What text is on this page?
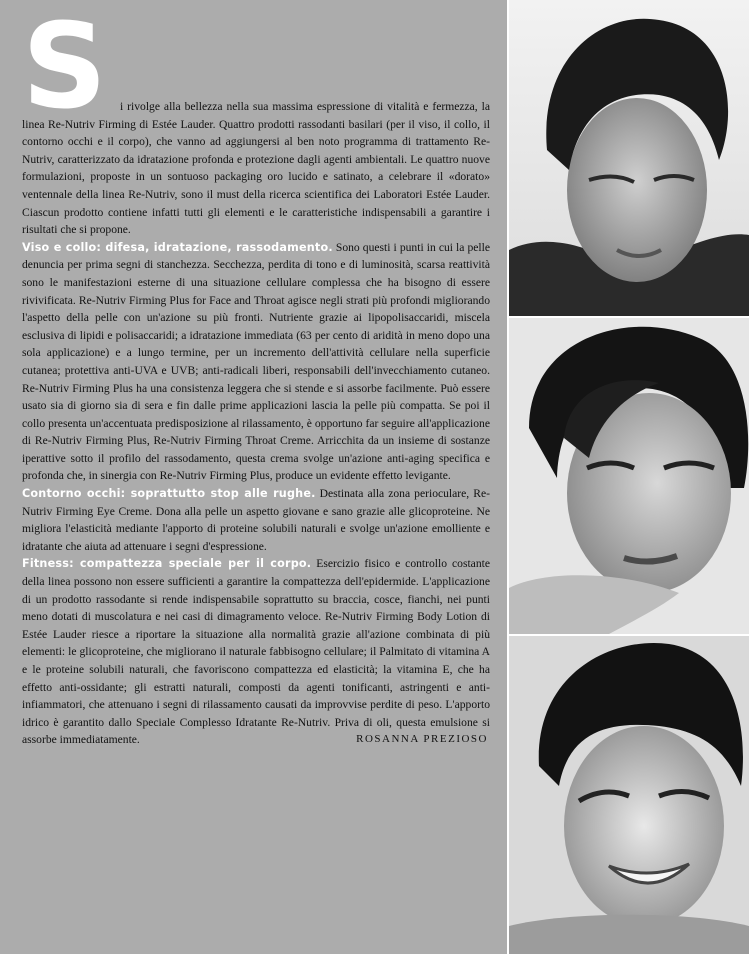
S	i rivolge alla bellezza nella sua massima espressione di vitalità e fermezza, la linea Re-Nutriv Firming di Estée Lauder. Quattro prodotti rassodanti basilari (per il viso, il collo, il contorno occhi e il corpo), che vanno ad aggiungersi al ben noto programma di trattamento Re-Nutriv, caratterizzato da idratazione profonda e protezione dagli agenti ambientali. Le quattro nuove formulazioni, proposte in un sontuoso packaging oro lucido e satinato, a celebrare il «dorato» ventennale della linea Re-Nutriv, sono il must della ricerca scientifica dei Laboratori Estée Lauder. Ciascun prodotto contiene infatti tutti gli elementi e le caratteristiche indispensabili a garantire i risultati che si propone.
Viso e collo: difesa, idratazione, rassodamento. Sono questi i punti in cui la pelle denuncia per prima segni di stanchezza. Secchezza, perdita di tono e di luminosità, scarsa reattività sono le manifestazioni esterne di una situazione cellulare complessa che ha bisogno di essere rivivificata. Re-Nutriv Firming Plus for Face and Throat agisce negli strati più profondi migliorando l'aspetto della pelle con un'azione su più fronti. Nutriente grazie ai lipopolisaccaridi, miscela esclusiva di lipidi e polisaccaridi; a idratazione immediata (63 per cento di aridità in meno dopo una sola applicazione) e a lungo termine, per un incremento dell'attività cellulare nella superficie cutanea; protettiva anti-UVA e UVB; anti-radicali liberi, responsabili dell'invecchiamento cutaneo. Re-Nutriv Firming Plus ha una consistenza leggera che si stende e si assorbe facilmente. Può essere usato sia di giorno sia di sera e fin dalle prime applicazioni lascia la pelle più compatta. Se poi il collo presenta un'accentuata predisposizione al rilassamento, è opportuno far seguire all'applicazione di Re-Nutriv Firming Plus, Re-Nutriv Firming Throat Creme. Arricchita da un insieme di sostanze iperattive sotto il profilo del rassodamento, questa crema svolge un'azione anti-aging specifica e profonda che, in sinergia con Re-Nutriv Firming Plus, produce un evidente effetto levigante.
Contorno occhi: soprattutto stop alle rughe. Destinata alla zona perioculare, Re-Nutriv Firming Eye Creme. Dona alla pelle un aspetto giovane e sano grazie alle glicoproteine. Ne migliora l'elasticità mediante l'apporto di proteine solubili naturali e svolge un'azione emolliente e idratante che aiuta ad attenuare i segni d'espressione.
Fitness: compattezza speciale per il corpo. Esercizio fisico e controllo costante della linea possono non essere sufficienti a garantire la compattezza dell'epidermide. L'applicazione di un prodotto rassodante si rende indispensabile soprattutto su braccia, cosce, fianchi, nei punti meno dotati di muscolatura e nei casi di dimagramento veloce. Re-Nutriv Firming Body Lotion di Estée Lauder riesce a riportare la situazione alla normalità grazie all'azione combinata di più elementi: le glicoproteine, che migliorano il naturale fabbisogno cellulare; il Palmitato di vitamina A e le proteine solubili naturali, che favoriscono compattezza ed elasticità; la vitamina E, che ha effetto anti-ossidante; gli estratti naturali, composti da agenti tonificanti, astringenti e anti-infiammatori, che attenuano i segni di rilassamento causati da improvvise perdite di peso. L'apporto idrico è garantito dallo Speciale Complesso Idratante Re-Nutriv. Priva di oli, questa emulsione si assorbe immediatamente.	ROSANNA PREZIOSO
